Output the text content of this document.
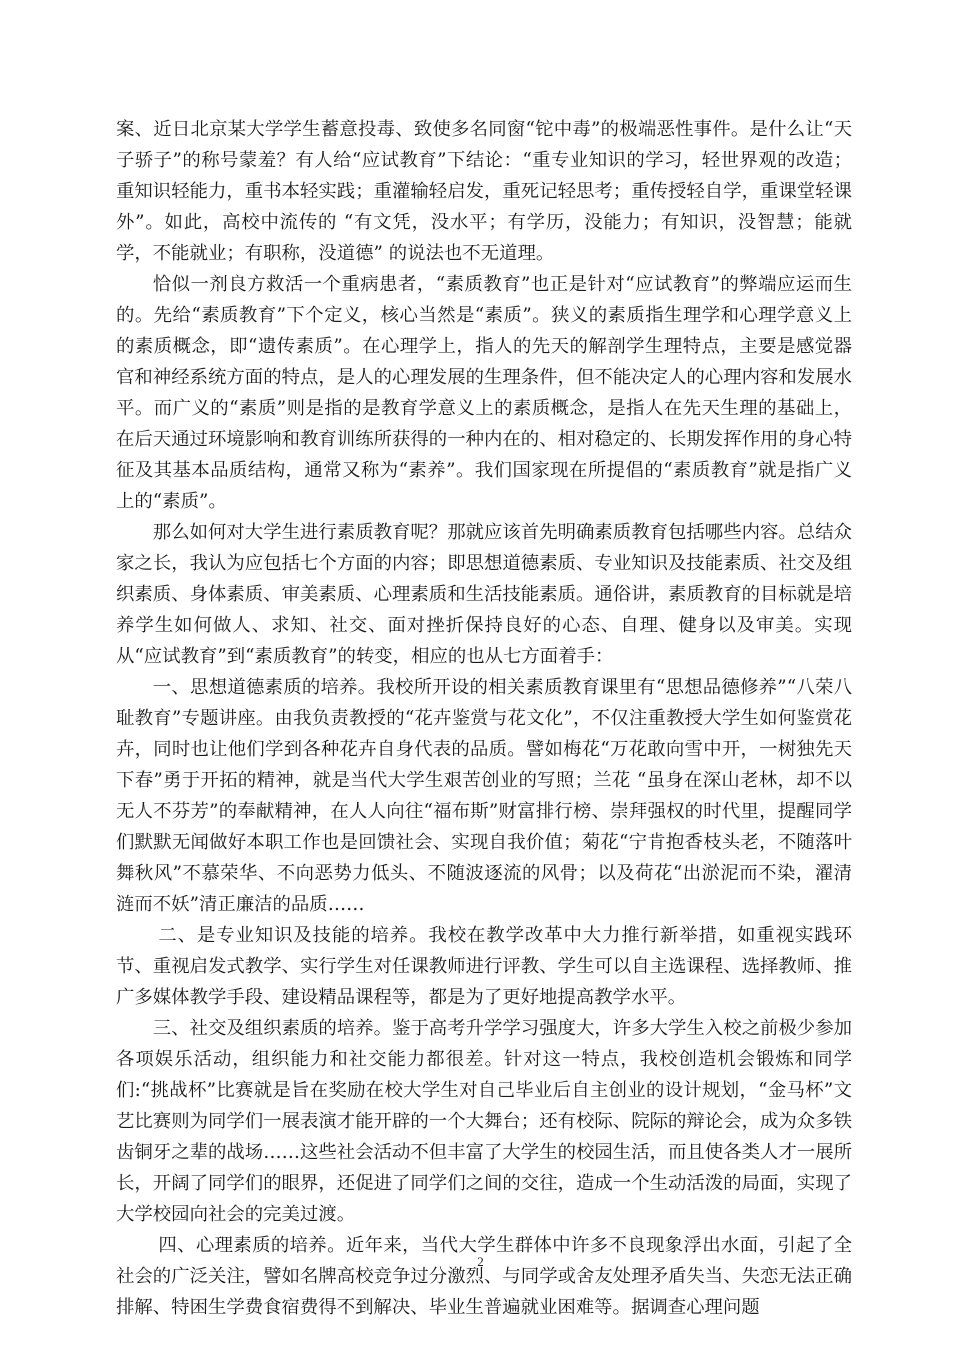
案、近日北京某大学学生蓄意投毒、致使多名同窗“铊中毒”的极端恶性事件。是什么让“天子骄子”的称号蒙羞？有人给“应试教育”下结论：“重专业知识的学习，轻世界观的改造；重知识轻能力，重书本轻实践；重灌输轻启发，重死记轻思考；重传授轻自学，重课堂轻课外”。如此，高校中流传的 “有文凭，没水平；有学历，没能力；有知识，没智慧；能就学，不能就业；有职称，没道德” 的说法也不无道理。

恰似一剂良方救活一个重病患者，“素质教育”也正是针对“应试教育”的弊端应运而生的。先给“素质教育”下个定义，核心当然是“素质”。狭义的素质指生理学和心理学意义上的素质概念，即“遗传素质”。在心理学上，指人的先天的解剖学生理特点，主要是感觉器官和神经系统方面的特点，是人的心理发展的生理条件，但不能决定人的心理内容和发展水平。而广义的“素质”则是指的是教育学意义上的素质概念，是指人在先天生理的基础上，在后天通过环境影响和教育训练所获得的一种内在的、相对稳定的、长期发挥作用的身心特征及其基本品质结构，通常又称为“素养”。我们国家现在所提倡的“素质教育”就是指广义上的“素质”。

那么如何对大学生进行素质教育呢？那就应该首先明确素质教育包括哪些内容。总结众家之长，我认为应包括七个方面的内容；即思想道德素质、专业知识及技能素质、社交及组织素质、身体素质、审美素质、心理素质和生活技能素质。通俗讲，素质教育的目标就是培养学生如何做人、求知、社交、面对挫折保持良好的心态、自理、健身以及审美。实现从“应试教育”到“素质教育”的转变，相应的也从七方面着手：

一、思想道德素质的培养。我校所开设的相关素质教育课里有“思想品德修养”“八荣八耻教育”专题讲座。由我负责教授的“花卉鉴赏与花文化”，不仅注重教授大学生如何鉴赏花卉，同时也让他们学到各种花卉自身代表的品质。譬如梅花“万花敢向雪中开，一树独先天下春”勇于开拓的精神，就是当代大学生艰苦创业的写照；兰花 “虽身在深山老林，却不以无人不芬芳”的奉献精神，在人人向往“福布斯”财富排行榜、崇拜强权的时代里，提醒同学们默默无闻做好本职工作也是回馈社会、实现自我价值；菊花“宁肯抱香枝头老，不随落叶舞秋风”不慕荣华、不向恶势力低头、不随波逐流的风骨；以及荷花“出淤泥而不染，濯清涟而不妖”清正廉洁的品质……

二、是专业知识及技能的培养。我校在教学改革中大力推行新举措，如重视实践环节、重视启发式教学、实行学生对任课教师进行评教、学生可以自主选课程、选择教师、推广多媒体教学手段、建设精品课程等，都是为了更好地提高教学水平。

三、社交及组织素质的培养。鉴于高考升学学习强度大，许多大学生入校之前极少参加各项娱乐活动，组织能力和社交能力都很差。针对这一特点，我校创造机会锻炼和同学们:“挑战杯”比赛就是旨在奖励在校大学生对自己毕业后自主创业的设计规划，“金马杯”文艺比赛则为同学们一展表演才能开辟的一个大舞台；还有校际、院际的辩论会，成为众多铁齿铜牙之辈的战场……这些社会活动不但丰富了大学生的校园生活，而且使各类人才一展所长，开阔了同学们的眼界，还促进了同学们之间的交往，造成一个生动活泼的局面，实现了大学校园向社会的完美过渡。

四、心理素质的培养。近年来，当代大学生群体中许多不良现象浮出水面，引起了全社会的广泛关注，譬如名牌高校竞争过分激烈、与同学或舍友处理矛盾失当、失恋无法正确排解、特困生学费食宿费得不到解决、毕业生普遍就业困难等。据调查心理问题

2
